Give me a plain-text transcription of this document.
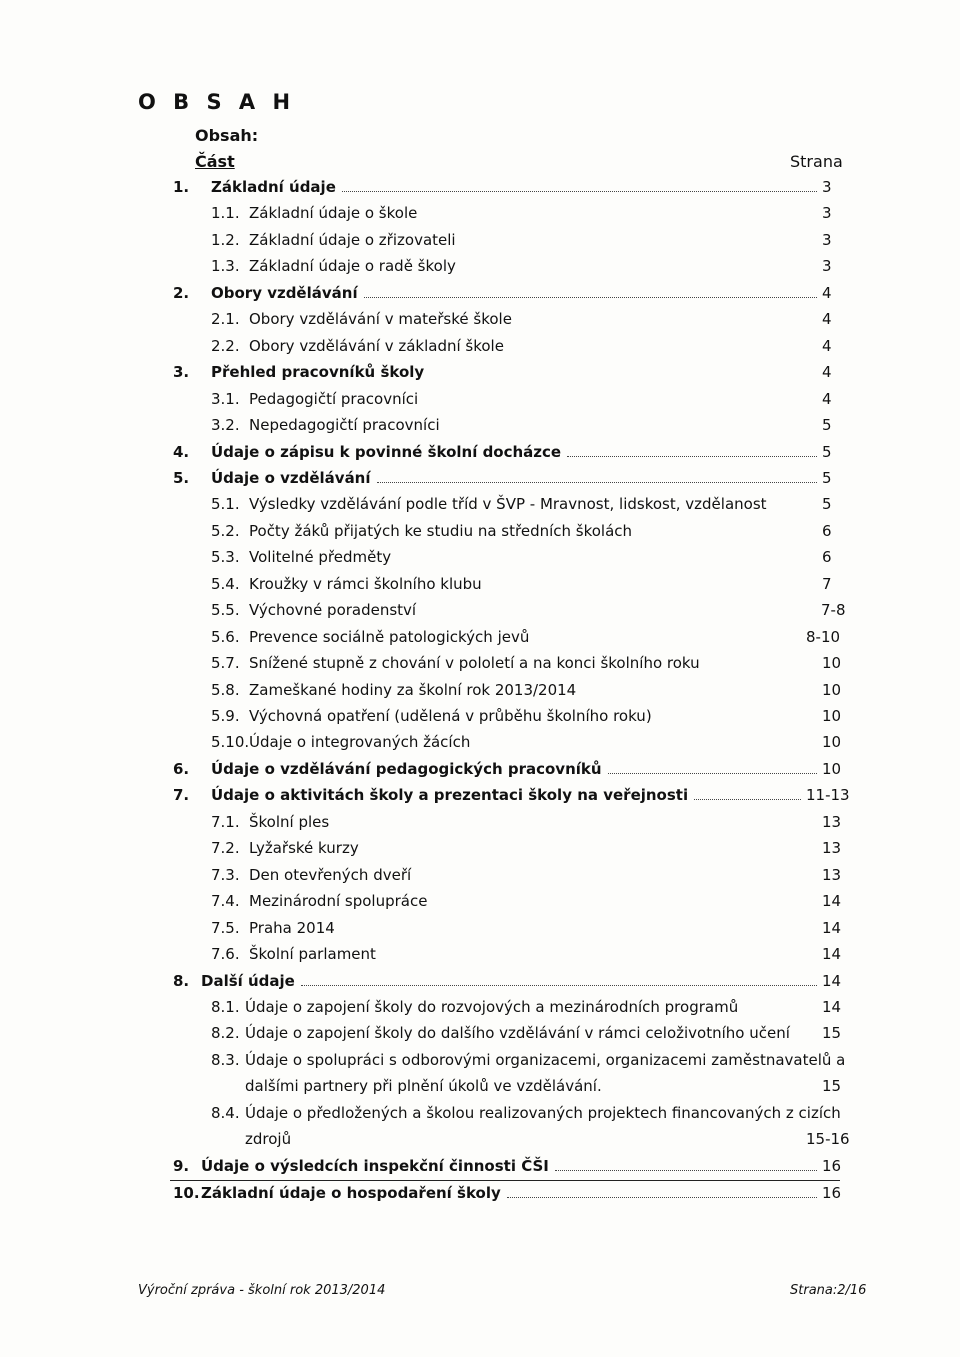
O B S A H
Obsah:
Část	Strana
1. Základní údaje	3
1.1. Základní údaje o škole	3
1.2. Základní údaje o zřizovateli	3
1.3. Základní údaje o radě školy	3
2. Obory vzdělávání	4
2.1. Obory vzdělávání v mateřské škole	4
2.2. Obory vzdělávání v základní škole	4
3. Přehled pracovníků školy	4
3.1. Pedagogičtí pracovníci	4
3.2. Nepedagogičtí pracovníci	5
4. Údaje o zápisu k povinné školní docházce	5
5. Údaje o vzdělávání	5
5.1. Výsledky vzdělávání podle tříd v ŠVP - Mravnost, lidskost, vzdělanost	5
5.2. Počty žáků přijatých ke studiu na středních školách	6
5.3. Volitelné předměty	6
5.4. Kroužky v rámci školního klubu	7
5.5. Výchovné poradenství	7-8
5.6. Prevence sociálně patologických jevů	8-10
5.7. Snížené stupně z chování v pololetí a na konci školního roku	10
5.8. Zameškané hodiny za školní rok 2013/2014	10
5.9. Výchovná opatření (udělená v průběhu školního roku)	10
5.10. Údaje o integrovaných žácích	10
6. Údaje o vzdělávání pedagogických pracovníků	10
7. Údaje o aktivitách školy a prezentaci školy na veřejnosti	11-13
7.1. Školní ples	13
7.2. Lyžařské kurzy	13
7.3. Den otevřených dveří	13
7.4. Mezinárodní spolupráce	14
7.5. Praha 2014	14
7.6. Školní parlament	14
8. Další údaje	14
8.1. Údaje o zapojení školy do rozvojových a mezinárodních programů	14
8.2. Údaje o zapojení školy do dalšího vzdělávání v rámci celoživotního učení 15
8.3. Údaje o spolupráci s odborovými organizacemi, organizacemi zaměstnavatelů a
dalšími partnery při plnění úkolů ve vzdělávání.	15
8.4. Údaje o předložených a školou realizovaných projektech financovaných z cizích
zdrojů	15-16
9. Údaje o výsledcích inspekční činnosti ČŠI	16
10. Základní údaje o hospodaření školy	16
Výroční zpráva - školní rok 2013/2014	Strana:2/16
